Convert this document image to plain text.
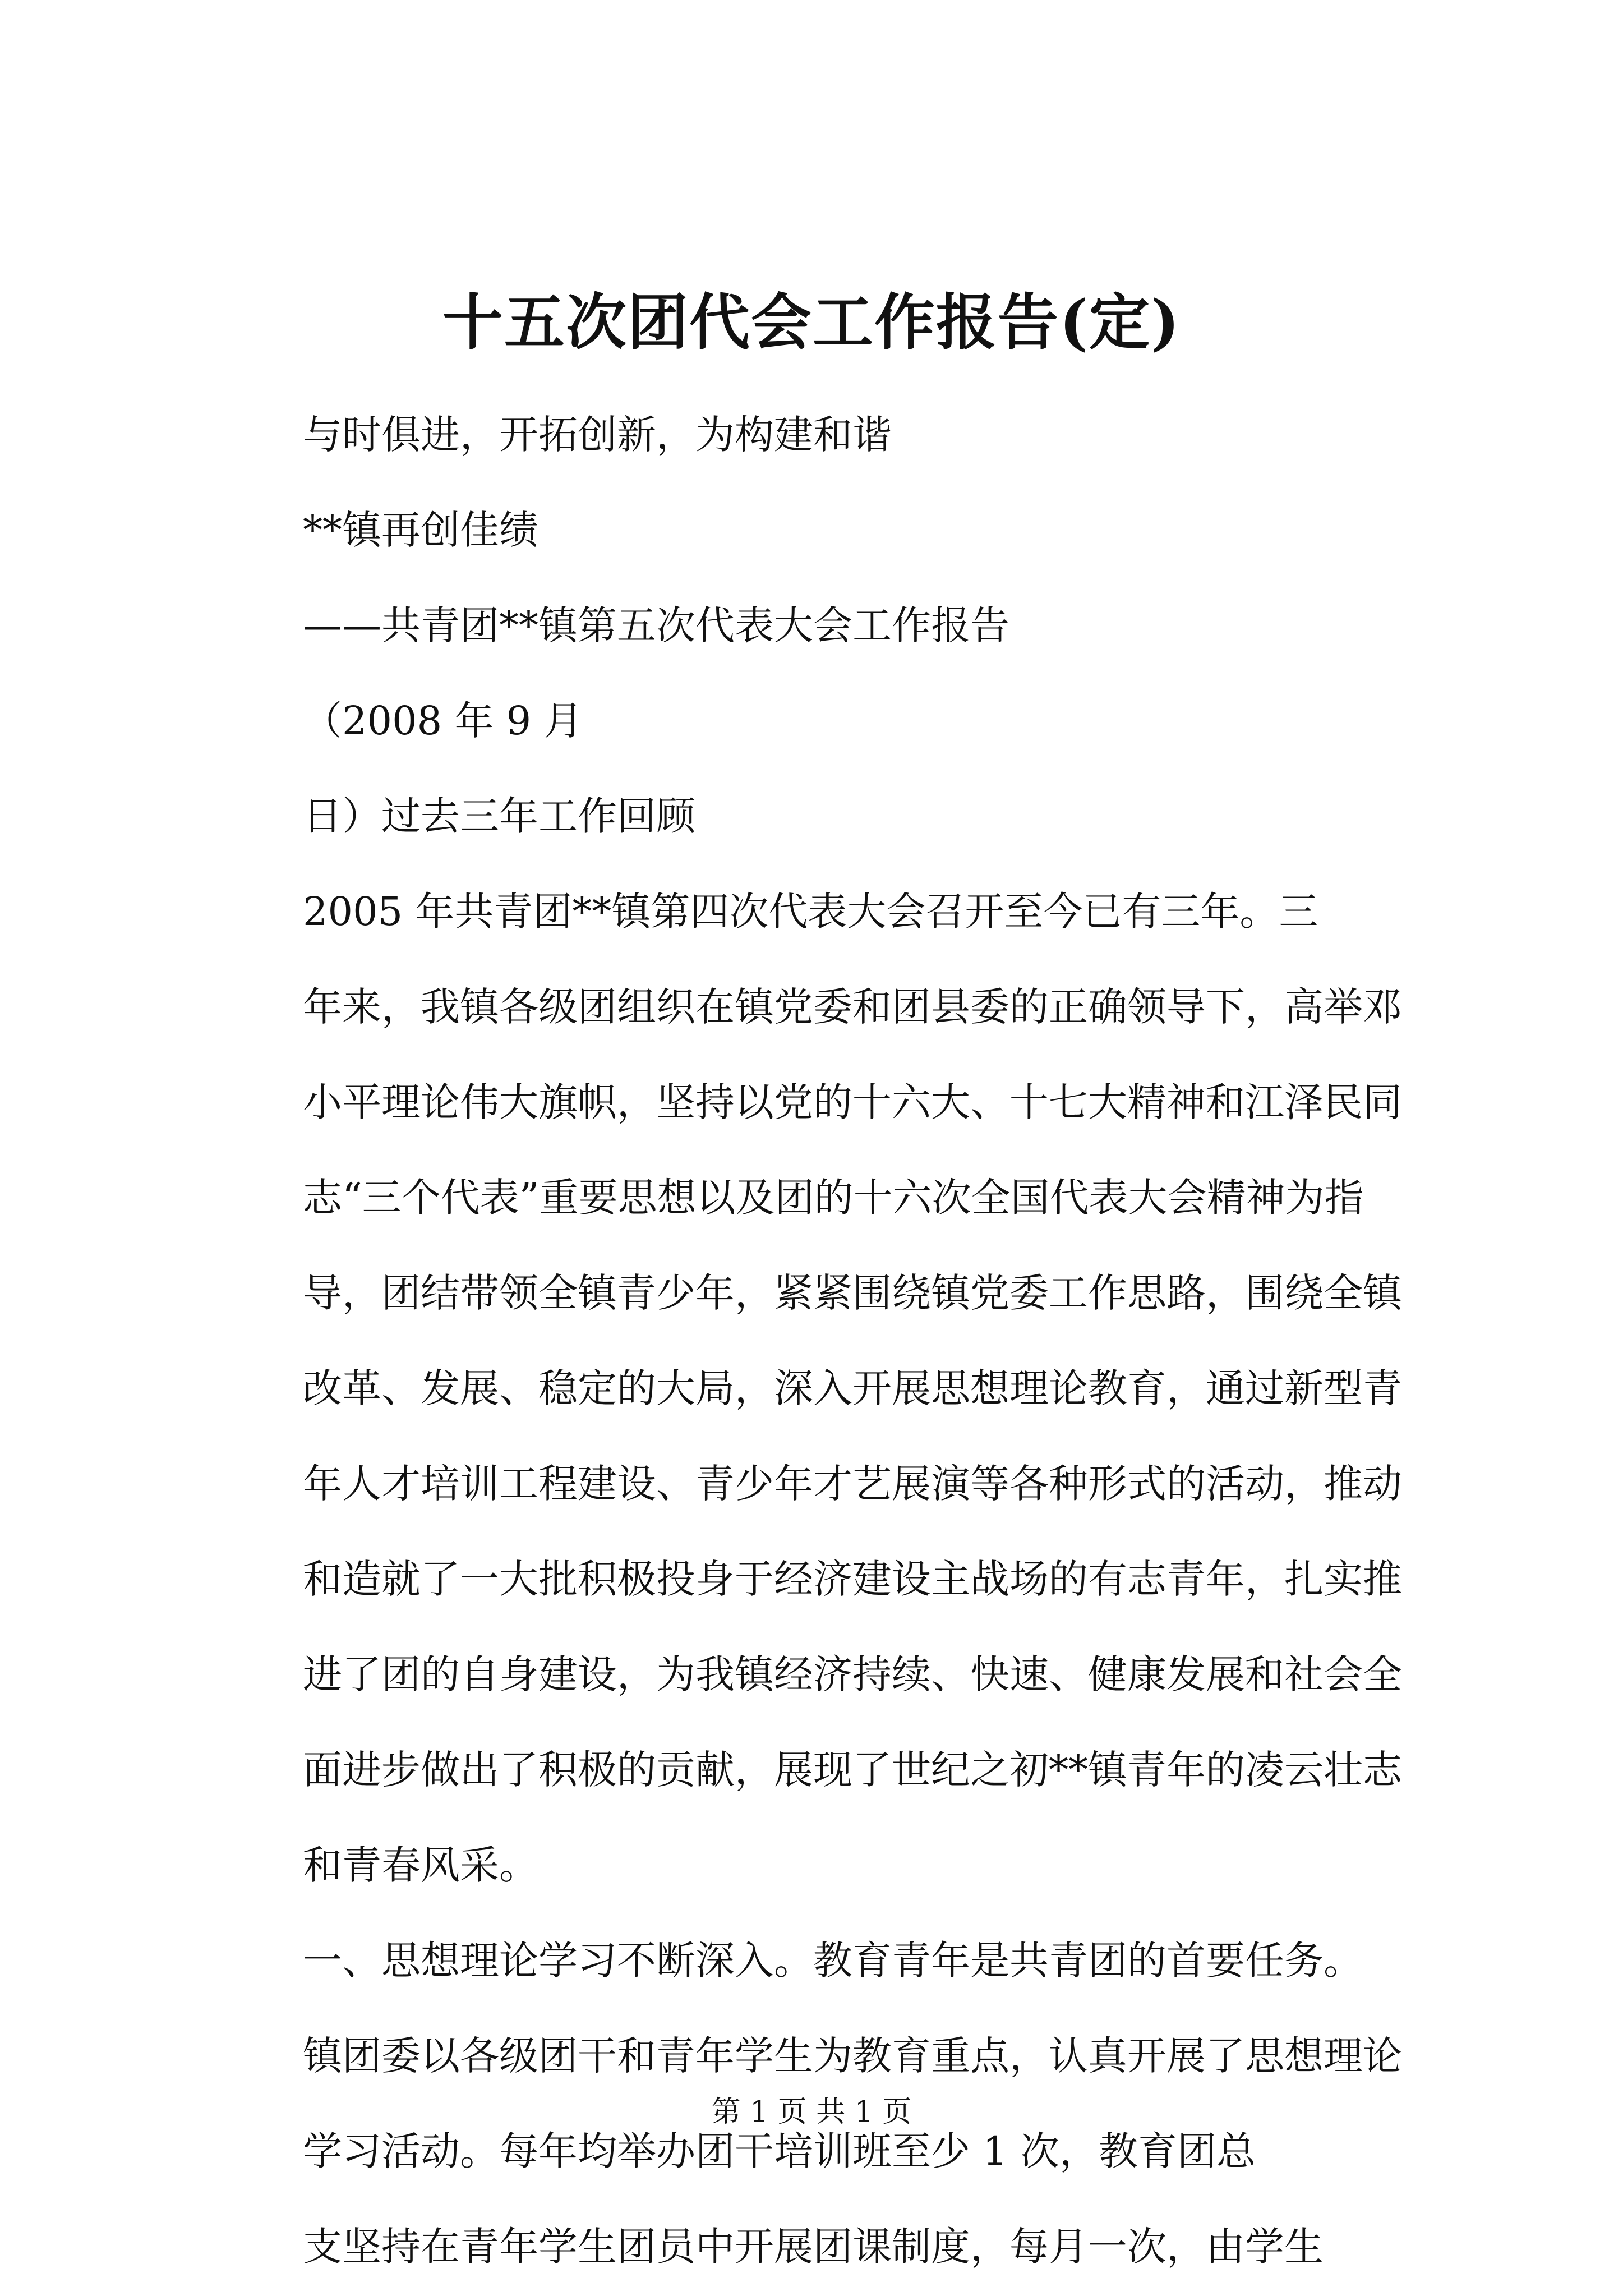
十五次团代会工作报告(定)
与时俱进，开拓创新，为构建和谐
**镇再创佳绩
——共青团**镇第五次代表大会工作报告
（2008 年 9 月
日）过去三年工作回顾
2005 年共青团**镇第四次代表大会召开至今已有三年。三
年来，我镇各级团组织在镇党委和团县委的正确领导下，高举邓
小平理论伟大旗帜，坚持以党的十六大、十七大精神和江泽民同
志“三个代表”重要思想以及团的十六次全国代表大会精神为指
导，团结带领全镇青少年，紧紧围绕镇党委工作思路，围绕全镇
改革、发展、稳定的大局，深入开展思想理论教育，通过新型青
年人才培训工程建设、青少年才艺展演等各种形式的活动，推动
和造就了一大批积极投身于经济建设主战场的有志青年，扎实推
进了团的自身建设，为我镇经济持续、快速、健康发展和社会全
面进步做出了积极的贡献，展现了世纪之初**镇青年的凌云壮志
和青春风采。
一、思想理论学习不断深入。教育青年是共青团的首要任务。
镇团委以各级团干和青年学生为教育重点，认真开展了思想理论
学习活动。每年均举办团干培训班至少 1 次，教育团总
支坚持在青年学生团员中开展团课制度，每月一次，由学生
第 1 页 共 1 页
